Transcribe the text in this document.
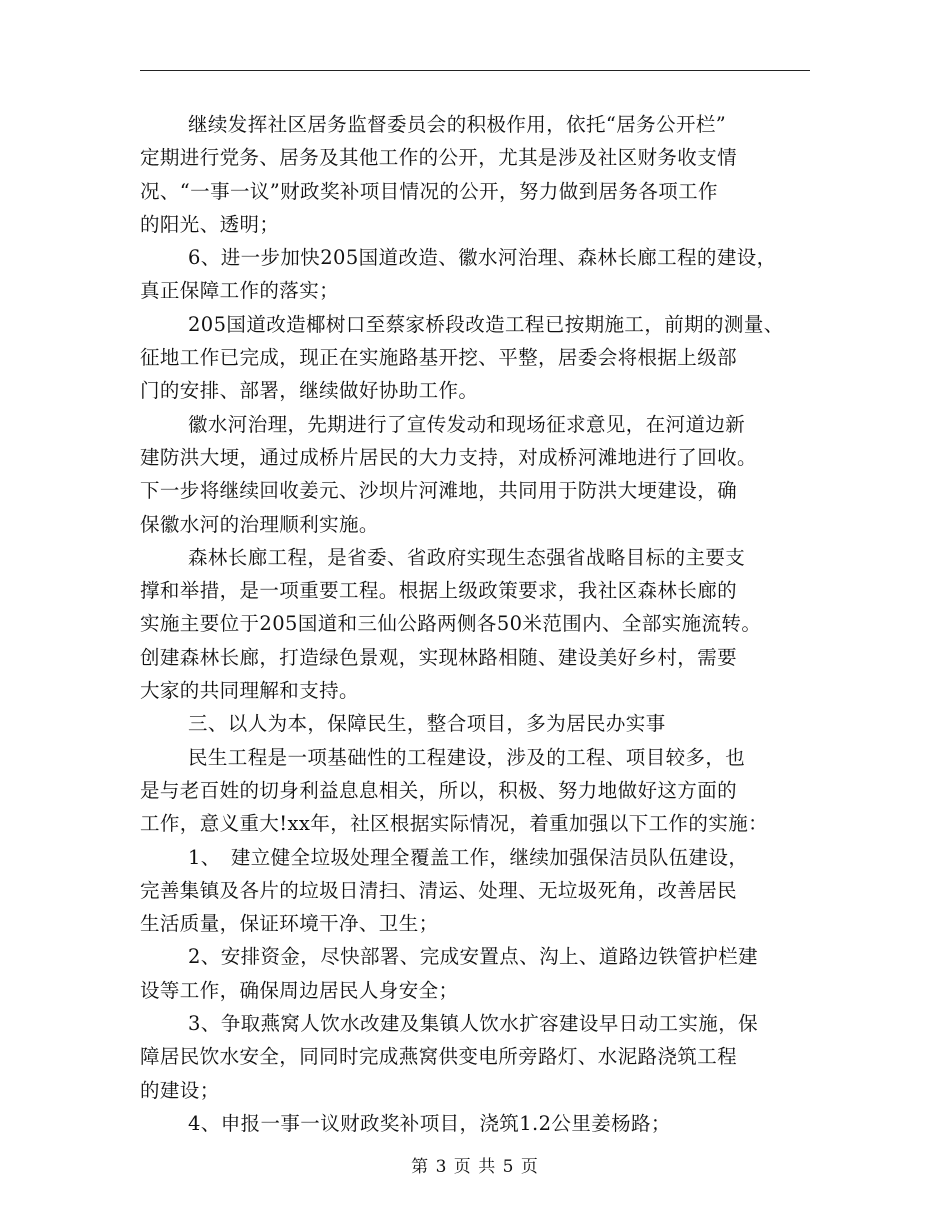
继续发挥社区居务监督委员会的积极作用，依托“居务公开栏”
定期进行党务、居务及其他工作的公开，尤其是涉及社区财务收支情
况、“一事一议”财政奖补项目情况的公开，努力做到居务各项工作
的阳光、透明；
6、进一步加快205国道改造、徽水河治理、森林长廊工程的建设，
真正保障工作的落实；
205国道改造椰树口至蔡家桥段改造工程已按期施工，前期的测量、
征地工作已完成，现正在实施路基开挖、平整，居委会将根据上级部
门的安排、部署，继续做好协助工作。
徽水河治理，先期进行了宣传发动和现场征求意见，在河道边新
建防洪大埂，通过成桥片居民的大力支持，对成桥河滩地进行了回收。
下一步将继续回收姜元、沙坝片河滩地，共同用于防洪大埂建设，确
保徽水河的治理顺利实施。
森林长廊工程，是省委、省政府实现生态强省战略目标的主要支
撑和举措，是一项重要工程。根据上级政策要求，我社区森林长廊的
实施主要位于205国道和三仙公路两侧各50米范围内、全部实施流转。
创建森林长廊，打造绿色景观，实现林路相随、建设美好乡村，需要
大家的共同理解和支持。
三、以人为本，保障民生，整合项目，多为居民办实事
民生工程是一项基础性的工程建设，涉及的工程、项目较多，也
是与老百姓的切身利益息息相关，所以，积极、努力地做好这方面的
工作，意义重大!xx年，社区根据实际情况，着重加强以下工作的实施：
1、　建立健全垃圾处理全覆盖工作，继续加强保洁员队伍建设，
完善集镇及各片的垃圾日清扫、清运、处理、无垃圾死角，改善居民
生活质量，保证环境干净、卫生；
2、安排资金，尽快部署、完成安置点、沟上、道路边铁管护栏建
设等工作，确保周边居民人身安全；
3、争取燕窝人饮水改建及集镇人饮水扩容建设早日动工实施，保
障居民饮水安全，同同时完成燕窝供变电所旁路灯、水泥路浇筑工程
的建设；
4、申报一事一议财政奖补项目，浇筑1.2公里姜杨路；
第 3 页 共 5 页
